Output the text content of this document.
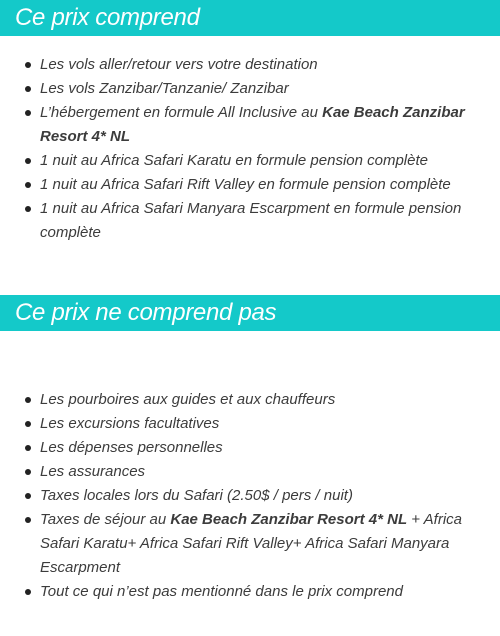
Ce prix comprend
Les vols aller/retour vers votre destination
Les vols Zanzibar/Tanzanie/ Zanzibar
L’hébergement en formule All Inclusive au Kae Beach Zanzibar Resort 4* NL
1 nuit au Africa Safari Karatu en formule pension complète
1 nuit au Africa Safari Rift Valley en formule pension complète
1 nuit au Africa Safari Manyara Escarpment en formule pension complète
Ce prix ne comprend pas
Les pourboires aux guides et aux chauffeurs
Les excursions facultatives
Les dépenses personnelles
Les assurances
Taxes locales lors du Safari (2.50$ / pers / nuit)
Taxes de séjour au Kae Beach Zanzibar Resort 4* NL + Africa Safari Karatu+ Africa Safari Rift Valley+ Africa Safari Manyara Escarpment
Tout ce qui n’est pas mentionné dans le prix comprend
